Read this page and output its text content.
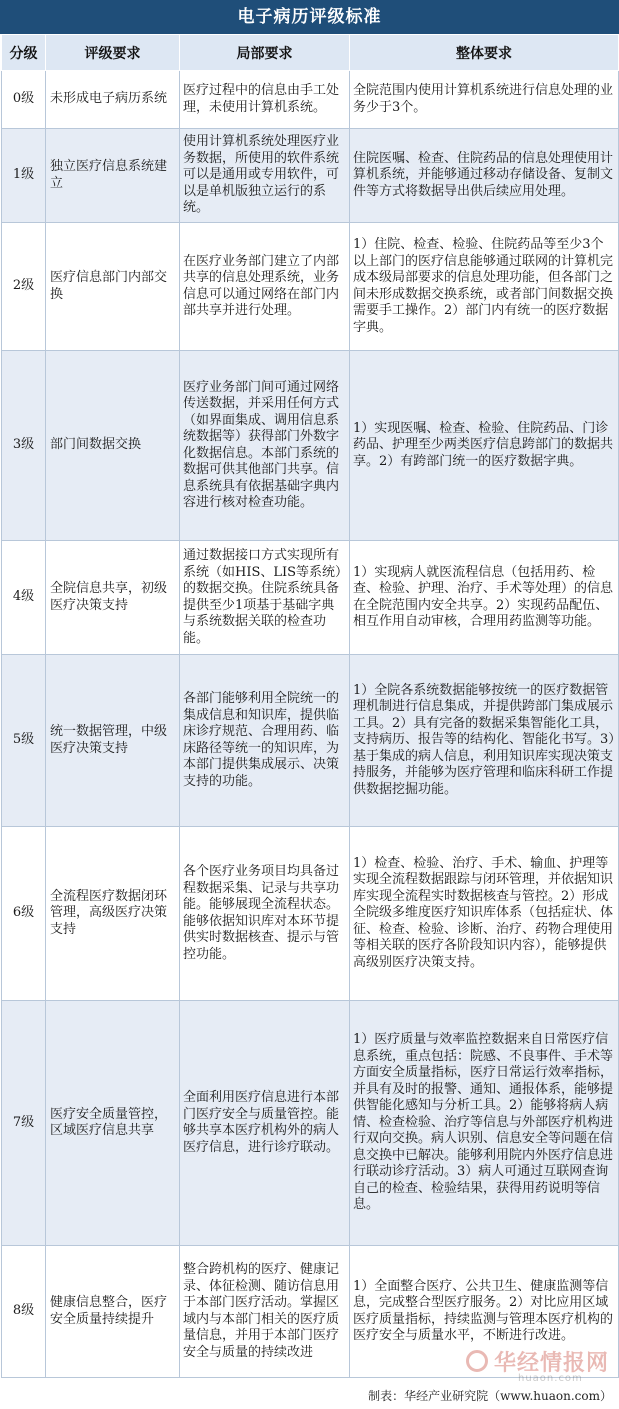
电子病历评级标准
分级	评级要求	局部要求	整体要求
0级	未形成电子病历系统	医疗过程中的信息由手工处理，未使用计算机系统。	全院范围内使用计算机系统进行信息处理的业务少于3个。
1级	独立医疗信息系统建立	使用计算机系统处理医疗业务数据，所使用的软件系统可以是通用或专用软件，可以是单机版独立运行的系统。	住院医嘱、检查、住院药品的信息处理使用计算机系统，并能够通过移动存储设备、复制文件等方式将数据导出供后续应用处理。
2级	医疗信息部门内部交换	在医疗业务部门建立了内部共享的信息处理系统，业务信息可以通过网络在部门内部共享并进行处理。	1）住院、检查、检验、住院药品等至少3个以上部门的医疗信息能够通过联网的计算机完成本级局部要求的信息处理功能，但各部门之间未形成数据交换系统，或者部门间数据交换需要手工操作。2）部门内有统一的医疗数据字典。
3级	部门间数据交换	医疗业务部门间可通过网络传送数据，并采用任何方式（如界面集成、调用信息系统数据等）获得部门外数字化数据信息。本部门系统的数据可供其他部门共享。信息系统具有依据基础字典内容进行核对检查功能。	1）实现医嘱、检查、检验、住院药品、门诊药品、护理至少两类医疗信息跨部门的数据共享。2）有跨部门统一的医疗数据字典。
4级	全院信息共享，初级医疗决策支持	通过数据接口方式实现所有系统（如HIS、LIS等系统）的数据交换。住院系统具备提供至少1项基于基础字典与系统数据关联的检查功能。	1）实现病人就医流程信息（包括用药、检查、检验、护理、治疗、手术等处理）的信息在全院范围内安全共享。2）实现药品配伍、相互作用自动审核，合理用药监测等功能。
5级	统一数据管理，中级医疗决策支持	各部门能够利用全院统一的集成信息和知识库，提供临床诊疗规范、合理用药、临床路径等统一的知识库，为本部门提供集成展示、决策支持的功能。	1）全院各系统数据能够按统一的医疗数据管理机制进行信息集成，并提供跨部门集成展示工具。2）具有完备的数据采集智能化工具，支持病历、报告等的结构化、智能化书写。3）基于集成的病人信息，利用知识库实现决策支持服务，并能够为医疗管理和临床科研工作提供数据挖掘功能。
6级	全流程医疗数据闭环管理，高级医疗决策支持	各个医疗业务项目均具备过程数据采集、记录与共享功能。能够展现全流程状态。能够依据知识库对本环节提供实时数据核查、提示与管控功能。	1）检查、检验、治疗、手术、输血、护理等实现全流程数据跟踪与闭环管理，并依据知识库实现全流程实时数据核查与管控。2）形成全院级多维度医疗知识库体系（包括症状、体征、检查、检验、诊断、治疗、药物合理使用等相关联的医疗各阶段知识内容），能够提供高级别医疗决策支持。
7级	医疗安全质量管控，区域医疗信息共享	全面利用医疗信息进行本部门医疗安全与质量管控。能够共享本医疗机构外的病人医疗信息，进行诊疗联动。	1）医疗质量与效率监控数据来自日常医疗信息系统，重点包括：院感、不良事件、手术等方面安全质量指标，医疗日常运行效率指标，并具有及时的报警、通知、通报体系，能够提供智能化感知与分析工具。2）能够将病人病情、检查检验、治疗等信息与外部医疗机构进行双向交换。病人识别、信息安全等问题在信息交换中已解决。能够利用院内外医疗信息进行联动诊疗活动。3）病人可通过互联网查询自己的检查、检验结果，获得用药说明等信息。
8级	健康信息整合，医疗安全质量持续提升	整合跨机构的医疗、健康记录、体征检测、随访信息用于本部门医疗活动。掌握区域内与本部门相关的医疗质量信息，并用于本部门医疗安全与质量的持续改进	1）全面整合医疗、公共卫生、健康监测等信息，完成整合型医疗服务。2）对比应用区域医疗质量指标，持续监测与管理本医疗机构的医疗安全与质量水平，不断进行改进。
华经情报网
huaon.com
制表：华经产业研究院（www.huaon.com）
